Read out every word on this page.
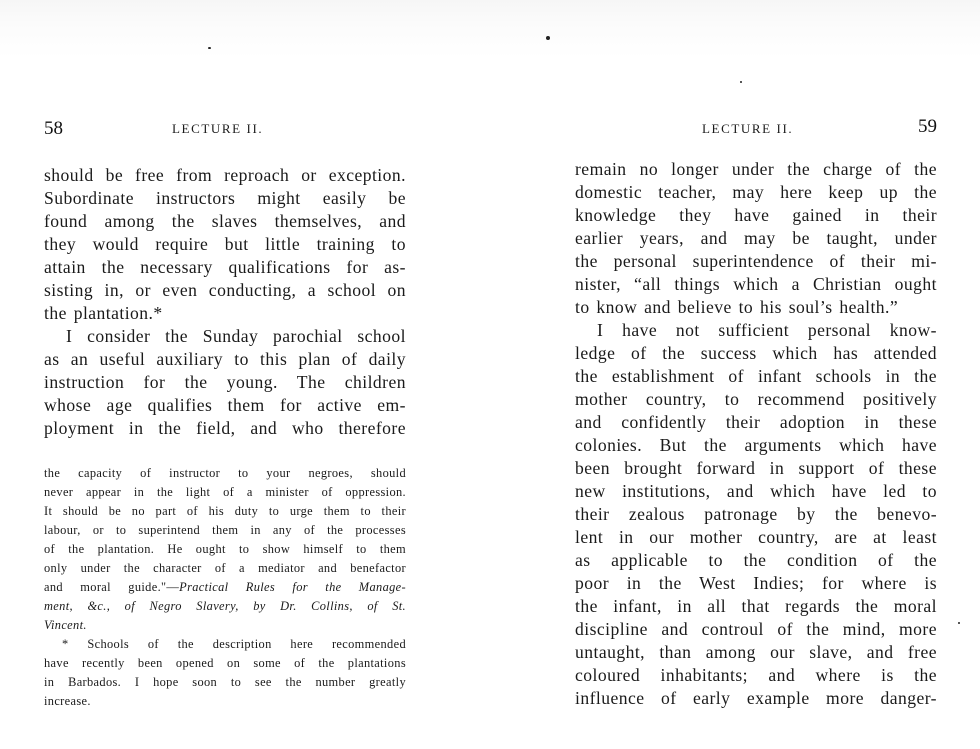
58	LECTURE II.
should be free from reproach or exception.
Subordinate instructors might easily be
found among the slaves themselves, and
they would require but little training to
attain the necessary qualifications for as-
sisting in, or even conducting, a school on
the plantation.*
I consider the Sunday parochial school
as an useful auxiliary to this plan of daily
instruction for the young. The children
whose age qualifies them for active em-
ployment in the field, and who therefore
the capacity of instructor to your negroes, should
never appear in the light of a minister of oppression.
It should be no part of his duty to urge them to their
labour, or to superintend them in any of the processes
of the plantation. He ought to show himself to them
only under the character of a mediator and benefactor
and moral guide."—Practical Rules for the Manage-
ment, &c., of Negro Slavery, by Dr. Collins, of St.
Vincent.
* Schools of the description here recommended
have recently been opened on some of the plantations
in Barbados. I hope soon to see the number greatly
increase.
LECTURE II.	59
remain no longer under the charge of the
domestic teacher, may here keep up the
knowledge they have gained in their
earlier years, and may be taught, under
the personal superintendence of their mi-
nister, “all things which a Christian ought
to know and believe to his soul’s health.”
I have not sufficient personal know-
ledge of the success which has attended
the establishment of infant schools in the
mother country, to recommend positively
and confidently their adoption in these
colonies. But the arguments which have
been brought forward in support of these
new institutions, and which have led to
their zealous patronage by the benevo-
lent in our mother country, are at least
as applicable to the condition of the
poor in the West Indies; for where is
the infant, in all that regards the moral
discipline and controul of the mind, more
untaught, than among our slave, and free
coloured inhabitants; and where is the
influence of early example more danger-
